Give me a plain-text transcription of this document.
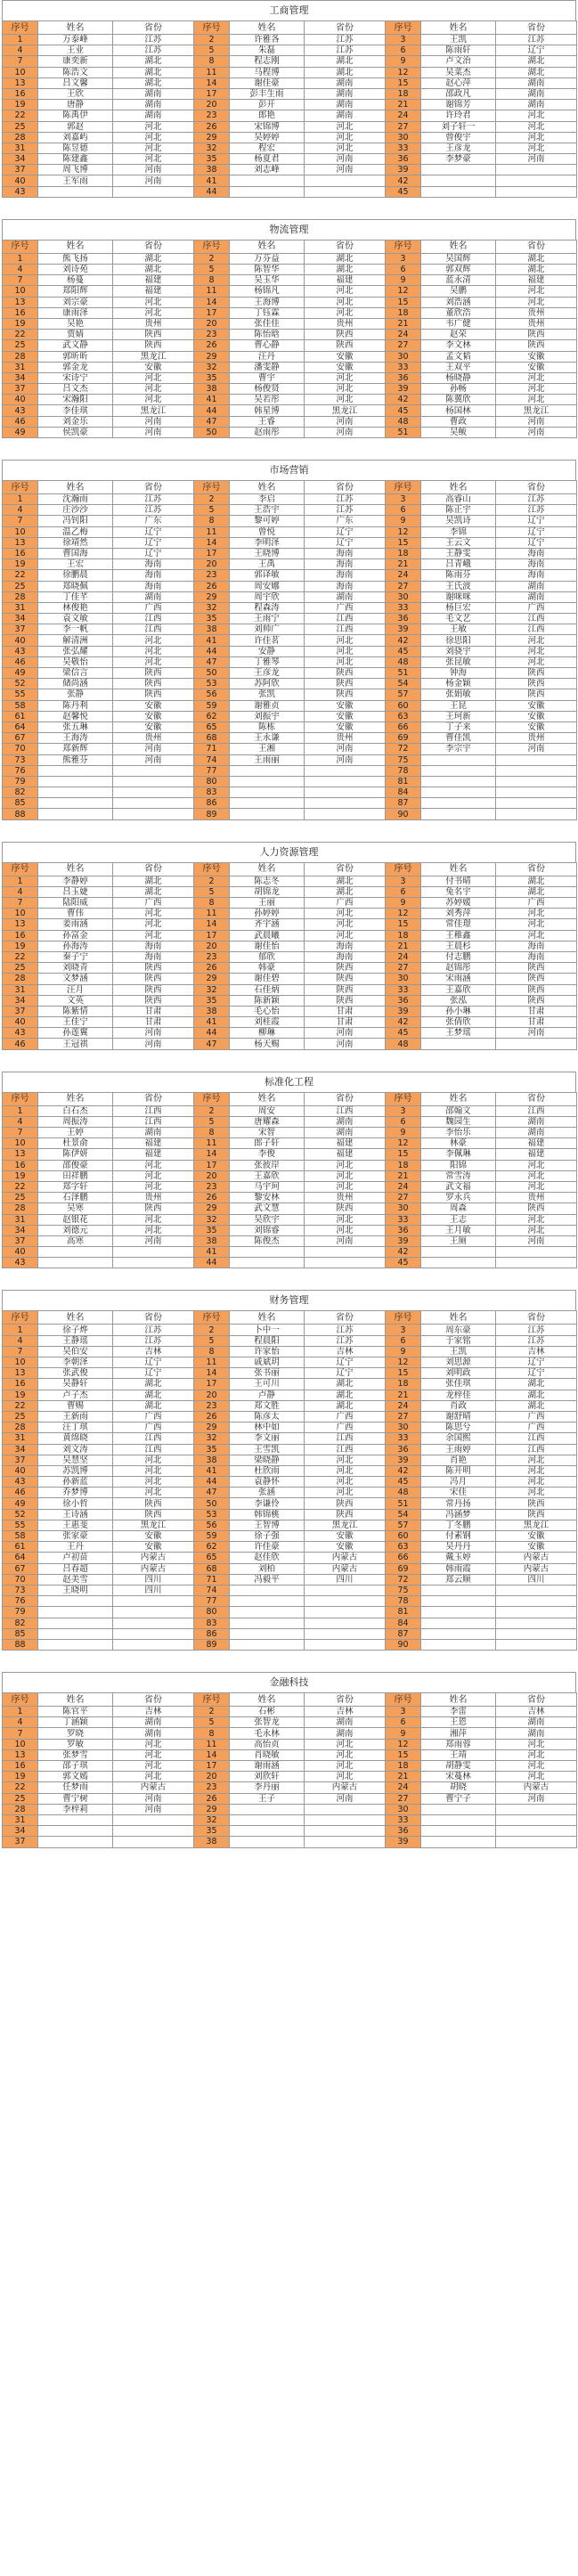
工商管理
序号	姓名	省份	序号	姓名	省份	序号	姓名	省份
1	万泰峰	江苏	2	许雅各	江苏	3	王凯	江苏
4	王业	江苏	5	朱磊	江苏	6	陈雨轩	辽宁
7	康奕新	湖北	8	程志刚	湖北	9	卢文治	湖北
10	陈浩文	湖北	11	马程博	湖北	12	吴菜杰	湖北
13	吕文馨	湖北	14	谢佳豪	湖南	15	赵心萍	湖南
16	王欣	湖南	17	彭丰生雨	湖南	18	邵政凡	湖南
19	唐静	湖南	20	彭开	湖南	21	谢锦芳	湖南
22	陈禹伊	湖南	23	郎艳	湖南	24	许玲君	河北
25	郭赵	河北	26	宋锦博	河北	27	刘子轩一	河北
28	刘嘉屿	河北	29	吴婷婷	河北	30	曾俊宇	河北
31	陈昱德	河北	32	程宏	河北	33	王彦龙	河北
34	陈建鑫	河北	35	杨夏君	河南	36	李梦豪	河南
37	周飞博	河南	38	刘志峰	河南	39		
40	王军雨	河南	41			42		
43			44			45		
物流管理
序号	姓名	省份	序号	姓名	省份	序号	姓名	省份
1	熊飞扬	湖北	2	万芬益	湖北	3	吴国辉	湖北
4	刘诗苑	湖北	5	陈智华	湖北	6	郭双辉	湖北
7	杨蔓	福建	8	吴玉华	福建	9	蓝永清	福建
10	郑阳辉	福建	11	杨锦凡	河北	12	吴鹏	河北
13	刘宗豪	河北	14	王海博	河北	15	刘浩涵	河北
16	康雨泽	河北	17	丁钰霖	河北	18	董欣浩	贵州
19	吴艳	贵州	20	张佳佳	贵州	21	韦广健	贵州
22	贾婧	陕西	23	陈怡晗	陕西	24	赵荣	陕西
25	武文静	陕西	26	曹心静	陕西	27	李文林	陕西
28	郭昕昕	黑龙江	29	汪丹	安徽	30	孟文韬	安徽
31	郭金龙	安徽	32	潘雯静	安徽	33	王双平	安徽
34	宋诗宁	河北	35	曹宇	河北	36	杨晓静	河北
37	吕文杰	河北	38	杨俊贤	河北	39	孙畅	河北
40	宋瀚阳	河北	41	吴若彤	河北	42	陈冀欣	河北
43	李佳琪	黑龙江	44	韩星博	黑龙江	45	杨国林	黑龙江
46	刘金乐	河南	47	王睿	河南	48	曹政	河南
49	侯凯豪	河南	50	赵雨彤	河南	51	吴鲅	河南
市场营销
序号	姓名	省份	序号	姓名	省份	序号	姓名	省份
1	沈瀚雨	江苏	2	李启	江苏	3	高睿山	江苏
4	庄沙沙	江苏	5	王浩宇	江苏	6	陈正宇	江苏
7	冯钊阳	广东	8	黎可婷	广东	9	吴凯诗	辽宁
10	温乙梅	辽宁	11	曾悦	辽宁	12	李锦	辽宁
13	徐靖然	辽宁	14	李明泽	辽宁	15	王云文	辽宁
16	曹国海	辽宁	17	王晓博	海南	18	王静雯	海南
19	王宏	海南	20	王禹	海南	21	吕青峨	海南
22	徐鹏晨	海南	23	郭译敏	海南	24	陈雨芬	海南
25	郑晓佩	海南	26	周安娜	海南	27	王氏波	湖南
28	丁佳芊	湖南	29	周宇欣	湖南	30	谢咪咪	湖南
31	林俊艳	广西	32	程森涛	广西	33	杨巨宏	广西
34	袁文敏	江西	35	王雨宁	江西	36	毛文艺	江西
37	李一帆	江西	38	刘帅广	江西	39	王敏	江西
40	解清洲	河北	41	许佳茗	河北	42	徐思阳	河北
43	张弘耀	河北	44	安静	河北	45	刘骁宇	河北
46	吴敬怡	河北	47	丁雅琴	河北	48	张昆敏	河北
49	梁信言	陕西	50	王彦龙	陕西	51	钟海	陕西
52	储尚涵	陕西	53	苏阿欣	陕西	54	杨金颖	陕西
55	张静	陕西	56	张凯	陕西	57	张娟敏	陕西
58	陈丹利	安徽	59	谢雅贞	安徽	60	王昆	安徽
61	赵馨悦	安徽	62	刘振宇	安徽	63	王珂新	安徽
64	张五琳	安徽	65	陈栋	安徽	66	丁子来	安徽
67	王海涛	贵州	68	王永谦	贵州	69	曹佳凯	贵州
70	郑新辉	河南	71	王湘	河南	72	李宗宇	河南
73	熊雅芬	河南	74	王雨丽	河南	75		
76			77			78		
79			80			81		
82			83			84		
85			86			87		
88			89			90		
人力资源管理
序号	姓名	省份	序号	姓名	省份	序号	姓名	省份
1	李静婷	湖北	2	陈志冬	湖北	3	付书晴	湖北
4	吕玉婕	湖北	5	胡锦龙	湖北	6	兔名宇	湖北
7	陆阳威	广西	8	王丽	广西	9	苏婷媛	广西
10	曹伟	河北	11	孙婷婷	河北	12	刘秀萍	河北
13	姜雨涵	河北	14	齐宇涵	河北	15	常佳璟	河北
16	孙富金	河北	17	武晨曦	河北	18	王稚鑫	河北
19	孙海涛	海南	20	谢佳怡	海南	21	王晨杉	海南
22	秦子宁	海南	23	郁欣	海南	24	付志鹏	海南
25	刘晓青	陕西	26	韩豪	陕西	27	赵锦彤	陕西
28	文梦涵	陕西	29	谢佳碧	陕西	30	宋雨涵	陕西
31	汪月	陕西	32	石佳炳	陕西	33	王嘉欣	陕西
34	文英	陕西	35	陈新颖	陕西	36	张泓	陕西
37	陈紫情	甘肃	38	毛心怡	甘肃	39	孙小琳	甘肃
40	王佳宁	甘肃	41	刘桂霞	甘肃	42	张倩欣	甘肃
43	孙莲翼	河南	44	柳琳	河南	45	王梦瑶	河南
46	王冠祺	河南	47	杨天赐	河南	48		
标准化工程
序号	姓名	省份	序号	姓名	省份	序号	姓名	省份
1	白石杰	江西	2	周安	江西	3	邵翰文	江西
4	周振涛	江西	5	唐耀森	湖南	6	魏园生	湖南
7	王婷	湖南	8	宋智	湖南	9	李怡乐	湖南
10	杜景俞	福建	11	郎子轩	福建	12	林豪	福建
13	陈伊妍	福建	14	李俊	福建	15	李佩琳	福建
16	邵俊豪	河北	17	张彼岸	河北	18	阳锦	河北
19	田祥鹏	河北	20	王嘉欣	河北	21	常雪涛	河北
22	郑字轩	河北	23	马宇珂	河北	24	武文福	河北
25	石泽鹏	贵州	26	黎安林	贵州	27	罗永兵	贵州
28	吴寒	陕西	29	武文慧	陕西	30	周森	陕西
31	赵银花	河北	32	吴欣宇	河北	33	王志	河北
34	刘德元	河北	35	刘锦睿	河北	36	王月敏	河北
37	高寒	河南	38	陈俊杰	河南	39	王厕	河南
40			41			42		
43			44			45		
财务管理
序号	姓名	省份	序号	姓名	省份	序号	姓名	省份
1	徐子烨	江苏	2	卜中一	江苏	3	周东豪	江苏
4	王静瑶	江苏	5	程晨阳	江苏	6	于家铭	江苏
7	吴伯安	吉林	8	许家怡	吉林	9	王凯	吉林
10	李朝泽	辽宁	11	戚斌玥	辽宁	12	刘思源	辽宁
13	张武俊	辽宁	14	张书丽	辽宁	15	刘明政	辽宁
16	吴静轩	湖北	17	王可川	湖北	18	张佳琪	湖北
19	卢子杰	湖北	20	卢静	湖北	21	龙梓佳	湖北
22	曹赐	湖北	23	郑文胜	湖北	24	肖政	湖北
25	王新雨	广西	26	陈彦太	广西	27	谢舒晴	广西
28	汪丁琪	广西	29	林中如	广西	30	陈思兮	广西
31	黄绵晓	江西	32	李文丽	江西	33	余国熙	江西
34	刘文涛	江西	35	王雪凯	江西	36	王雨婷	江西
37	吴慧坚	河北	38	梁晓静	河北	39	肖艳	河北
40	苏凯博	河北	41	杜欣雨	河北	42	陈开明	河北
43	孙新蓝	河北	44	袁静怀	河北	45	冯月	河北
46	乔梦博	河北	47	张涵	河北	48	宋佳	河北
49	徐小哲	陕西	50	李谦伶	陕西	51	常丹扬	陕西
52	王诗涵	陕西	53	韩锦桃	陕西	54	冯涵梦	陕西
55	王惠斐	黑龙江	56	王智博	黑龙江	57	丁冬鹏	黑龙江
58	张家豪	安徽	59	徐子强	安徽	60	付素钢	安徽
61	王丹	安徽	62	许佳豪	安徽	63	吴丹丹	安徽
64	卢初苗	内蒙古	65	赵佳欣	内蒙古	66	戴玉婷	内蒙古
67	吕春超	内蒙古	68	刘柏	内蒙古	69	韩雨霞	内蒙古
70	赵美雪	四川	71	冯毅平	四川	72	郑云顺	四川
73	王晓明	四川	74			75		
76			77			78		
79			80			81		
82			83			84		
85			86			87		
88			89			90		
金融科技
序号	姓名	省份	序号	姓名	省份	序号	姓名	省份
1	陈官平	吉林	2	石彬	吉林	3	李雷	吉林
4	丁涵颖	湖南	5	张智龙	湖南	6	王恩	湖南
7	罗晓	湖南	8	毛永林	湖南	9	湘萍	湖南
10	罗敏	河北	11	高怡贞	河北	12	郑雨蓉	河北
13	张梦雪	河北	14	肖晓敏	河北	15	王靖	河北
16	邵子琪	河北	17	谢雨涵	河北	18	胡静雯	河北
19	郭文嫣	河北	20	刘欣轩	河北	21	宋蔓林	河北
22	任梦雨	内蒙古	23	李丹丽	内蒙古	24	胡晓	内蒙古
25	曹宁树	河南	26	王子	河南	27	曹宁子	河南
28	李梓莉	河南	29			30		
31			32			33		
34			35			36		
37			38			39		
